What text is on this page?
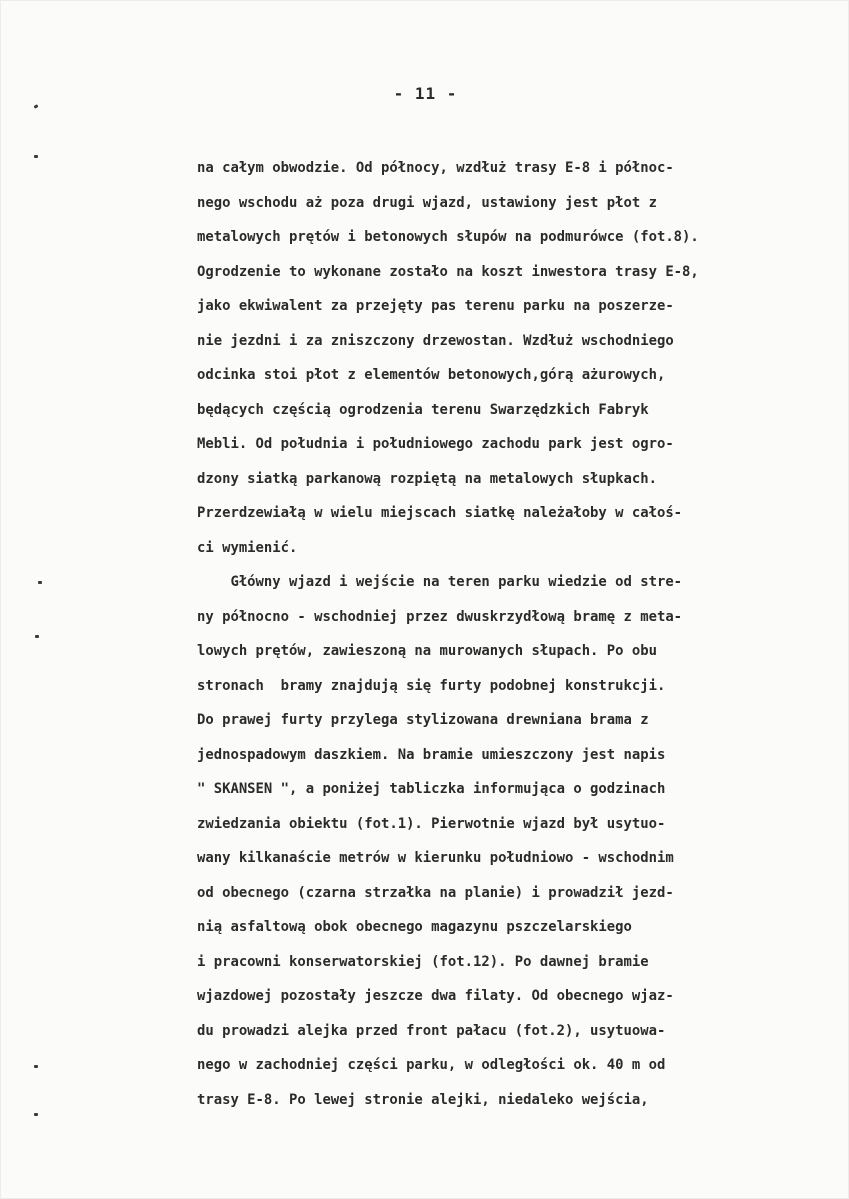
- 11 -
na całym obwodzie. Od północy, wzdłuż trasy E-8 i północ-
nego wschodu aż poza drugi wjazd, ustawiony jest płot z
metalowych prętów i betonowych słupów na podmurówce (fot.8).
Ogrodzenie to wykonane zostało na koszt inwestora trasy E-8,
jako ekwiwalent za przejęty pas terenu parku na poszerze-
nie jezdni i za zniszczony drzewostan. Wzdłuż wschodniego
odcinka stoi płot z elementów betonowych,górą ażurowych,
będących częścią ogrodzenia terenu Swarzędzkich Fabryk
Mebli. Od południa i południowego zachodu park jest ogro-
dzony siatką parkanową rozpiętą na metalowych słupkach.
Przerdzewiałą w wielu miejscach siatkę należałoby w całoś-
ci wymienić.
Główny wjazd i wejście na teren parku wiedzie od stre-
ny północno - wschodniej przez dwuskrzydłową bramę z meta-
lowych prętów, zawieszoną na murowanych słupach. Po obu
stronach  bramy znajdują się furty podobnej konstrukcji.
Do prawej furty przylega stylizowana drewniana brama z
jednospadowym daszkiem. Na bramie umieszczony jest napis
" SKANSEN ", a poniżej tabliczka informująca o godzinach
zwiedzania obiektu (fot.1). Pierwotnie wjazd był usytuo-
wany kilkanaście metrów w kierunku południowo - wschodnim
od obecnego (czarna strzałka na planie) i prowadził jezd-
nią asfaltową obok obecnego magazynu pszczelarskiego
i pracowni konserwatorskiej (fot.12). Po dawnej bramie
wjazdowej pozostały jeszcze dwa filaty. Od obecnego wjaz-
du prowadzi alejka przed front pałacu (fot.2), usytuowa-
nego w zachodniej części parku, w odległości ok. 40 m od
trasy E-8. Po lewej stronie alejki, niedaleko wejścia,
